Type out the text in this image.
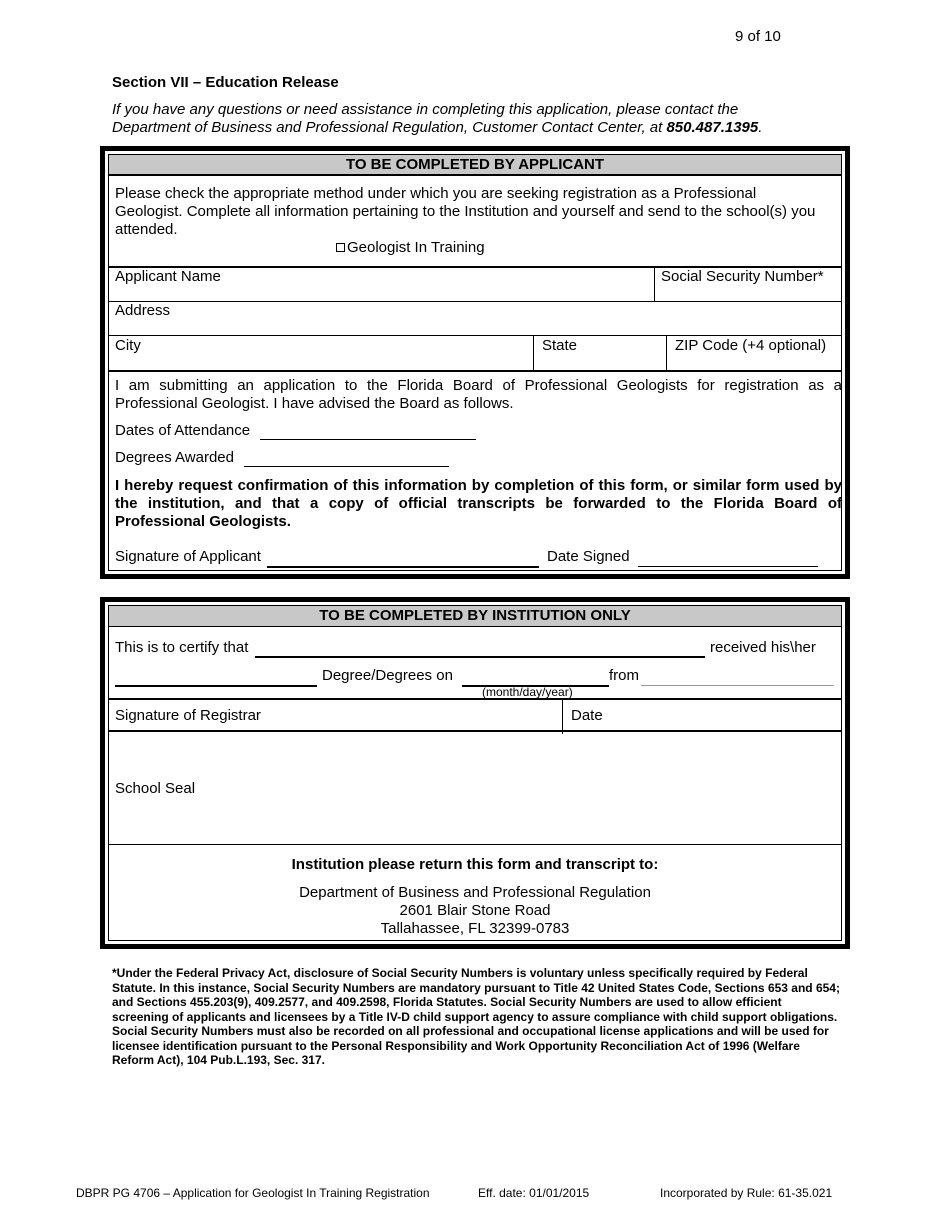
9 of 10
Section VII – Education Release
If you have any questions or need assistance in completing this application, please contact the Department of Business and Professional Regulation, Customer Contact Center, at 850.487.1395.
TO BE COMPLETED BY APPLICANT
Please check the appropriate method under which you are seeking registration as a Professional Geologist. Complete all information pertaining to the Institution and yourself and send to the school(s) you attended.
Geologist In Training
Applicant Name	Social Security Number*
Address
City	State	ZIP Code (+4 optional)
I am submitting an application to the Florida Board of Professional Geologists for registration as a Professional Geologist. I have advised the Board as follows.
Dates of Attendance
Degrees Awarded
I hereby request confirmation of this information by completion of this form, or similar form used by the institution, and that a copy of official transcripts be forwarded to the Florida Board of Professional Geologists.
Signature of Applicant	Date Signed
TO BE COMPLETED BY INSTITUTION ONLY
This is to certify that	received his\her
Degree/Degrees on	from
(month/day/year)
Signature of Registrar	Date
School Seal
Institution please return this form and transcript to:
Department of Business and Professional Regulation
2601 Blair Stone Road
Tallahassee, FL 32399-0783
*Under the Federal Privacy Act, disclosure of Social Security Numbers is voluntary unless specifically required by Federal Statute. In this instance, Social Security Numbers are mandatory pursuant to Title 42 United States Code, Sections 653 and 654; and Sections 455.203(9), 409.2577, and 409.2598, Florida Statutes. Social Security Numbers are used to allow efficient screening of applicants and licensees by a Title IV-D child support agency to assure compliance with child support obligations. Social Security Numbers must also be recorded on all professional and occupational license applications and will be used for licensee identification pursuant to the Personal Responsibility and Work Opportunity Reconciliation Act of 1996 (Welfare Reform Act), 104 Pub.L.193, Sec. 317.
DBPR PG 4706 – Application for Geologist In Training Registration	Eff. date: 01/01/2015	Incorporated by Rule: 61-35.021
